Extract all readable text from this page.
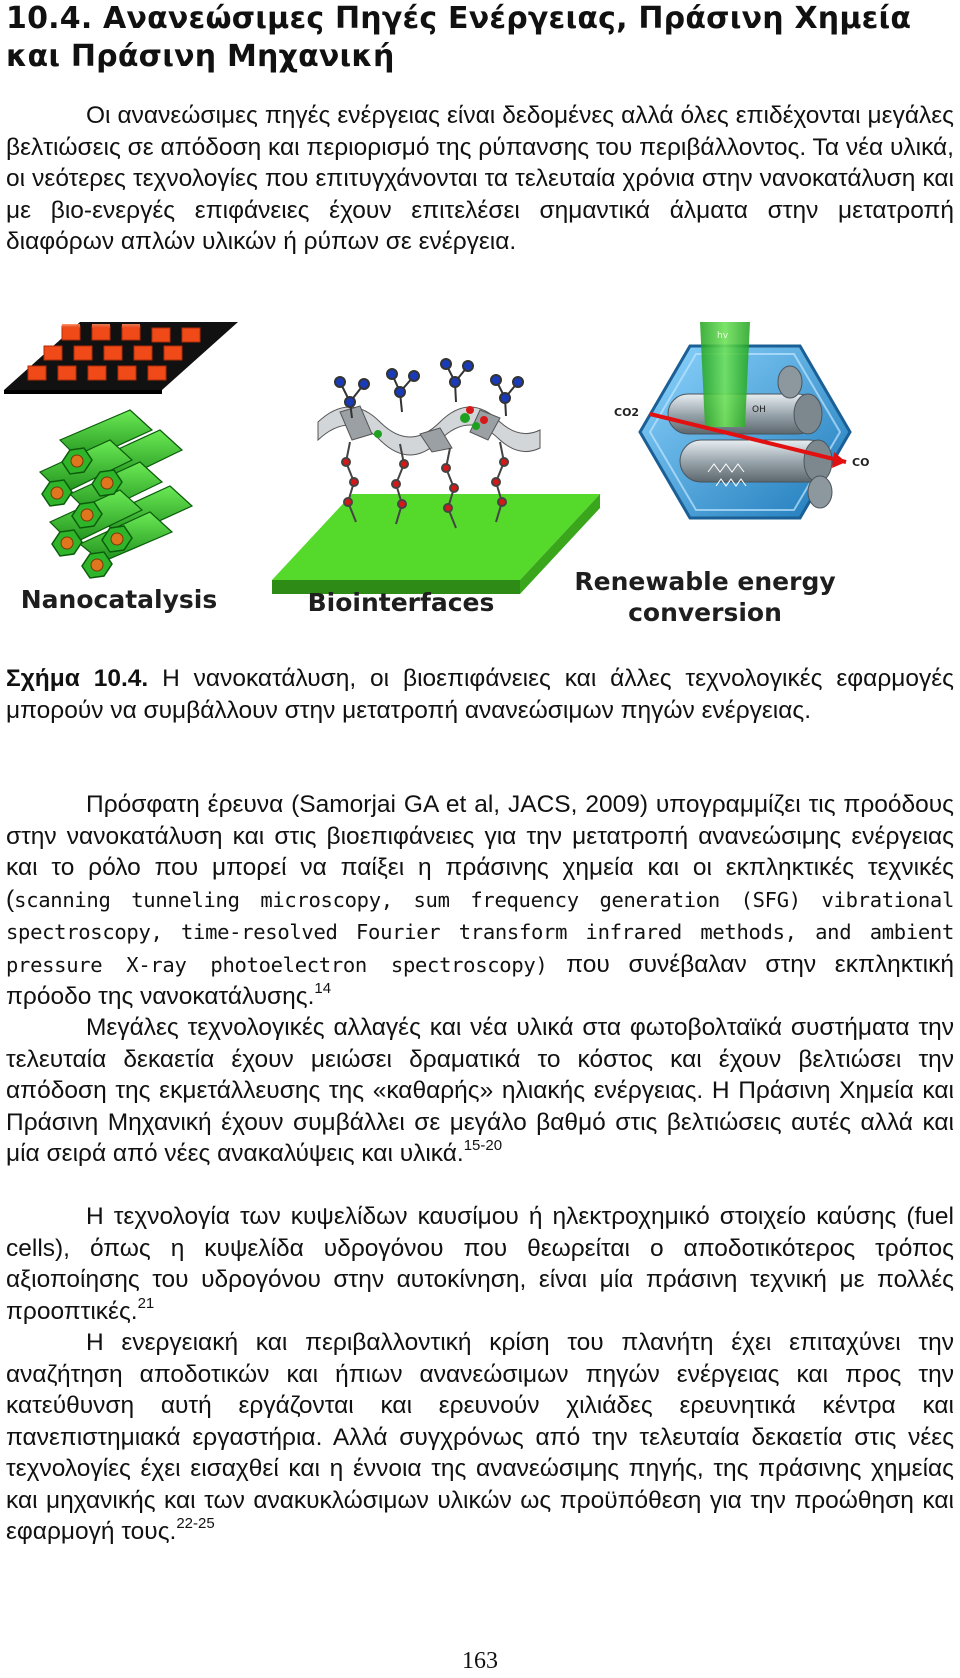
10.4. Ανανεώσιμες Πηγές Ενέργειας, Πράσινη Χημεία και Πράσινη Μηχανική
Οι ανανεώσιμες πηγές ενέργειας είναι δεδομένες αλλά όλες επιδέχονται μεγάλες βελτιώσεις σε απόδοση και περιορισμό της ρύπανσης του περιβάλλοντος. Τα νέα υλικά, οι νεότερες τεχνολογίες που επιτυγχάνονται τα τελευταία χρόνια στην νανοκατάλυση και με βιο-ενεργές επιφάνειες έχουν επιτελέσει σημαντικά άλματα στην μετατροπή διαφόρων απλών υλικών ή ρύπων σε ενέργεια.
CO2
CO
OH
hv
Nanocatalysis	Biointerfaces
Renewable energy
conversion
Σχήμα 10.4. Η νανοκατάλυση, οι βιοεπιφάνειες και άλλες τεχνολογικές εφαρμογές μπορούν να συμβάλλουν στην μετατροπή ανανεώσιμων πηγών ενέργειας.
Πρόσφατη έρευνα (Samorjai GA et al, JACS, 2009) υπογραμμίζει τις προόδους στην νανοκατάλυση και στις βιοεπιφάνειες για την μετατροπή ανανεώσιμης ενέργειας και το ρόλο που μπορεί να παίξει η πράσινης χημεία και οι εκπληκτικές τεχνικές (scanning tunneling microscopy, sum frequency generation (SFG) vibrational spectroscopy, time-resolved Fourier transform infrared methods, and ambient pressure X-ray photoelectron spectroscopy) που συνέβαλαν στην εκπληκτική πρόοδο της νανοκατάλυσης.$^{14}$
Μεγάλες τεχνολογικές αλλαγές και νέα υλικά στα φωτοβολταϊκά συστήματα την τελευταία δεκαετία έχουν μειώσει δραματικά το κόστος και έχουν βελτιώσει την απόδοση της εκμετάλλευσης της «καθαρής» ηλιακής ενέργειας. Η Πράσινη Χημεία και Πράσινη Μηχανική έχουν συμβάλλει σε μεγάλο βαθμό στις βελτιώσεις αυτές αλλά και μία σειρά από νέες ανακαλύψεις και υλικά.$^{15-20}$
Η τεχνολογία των κυψελίδων καυσίμου ή ηλεκτροχημικό στοιχείο καύσης (fuel cells), όπως η κυψελίδα υδρογόνου που θεωρείται ο αποδοτικότερος τρόπος αξιοποίησης του υδρογόνου στην αυτοκίνηση, είναι μία πράσινη τεχνική με πολλές προοπτικές.$^{21}$
Η ενεργειακή και περιβαλλοντική κρίση του πλανήτη έχει επιταχύνει την αναζήτηση αποδοτικών και ήπιων ανανεώσιμων πηγών ενέργειας και προς την κατεύθυνση αυτή εργάζονται και ερευνούν χιλιάδες ερευνητικά κέντρα και πανεπιστημιακά εργαστήρια. Αλλά συγχρόνως από την τελευταία δεκαετία στις νέες τεχνολογίες έχει εισαχθεί και η έννοια της ανανεώσιμης πηγής, της πράσινης χημείας και μηχανικής και των ανακυκλώσιμων υλικών ως προϋπόθεση για την προώθηση και εφαρμογή τους.$^{22-25}$
163
